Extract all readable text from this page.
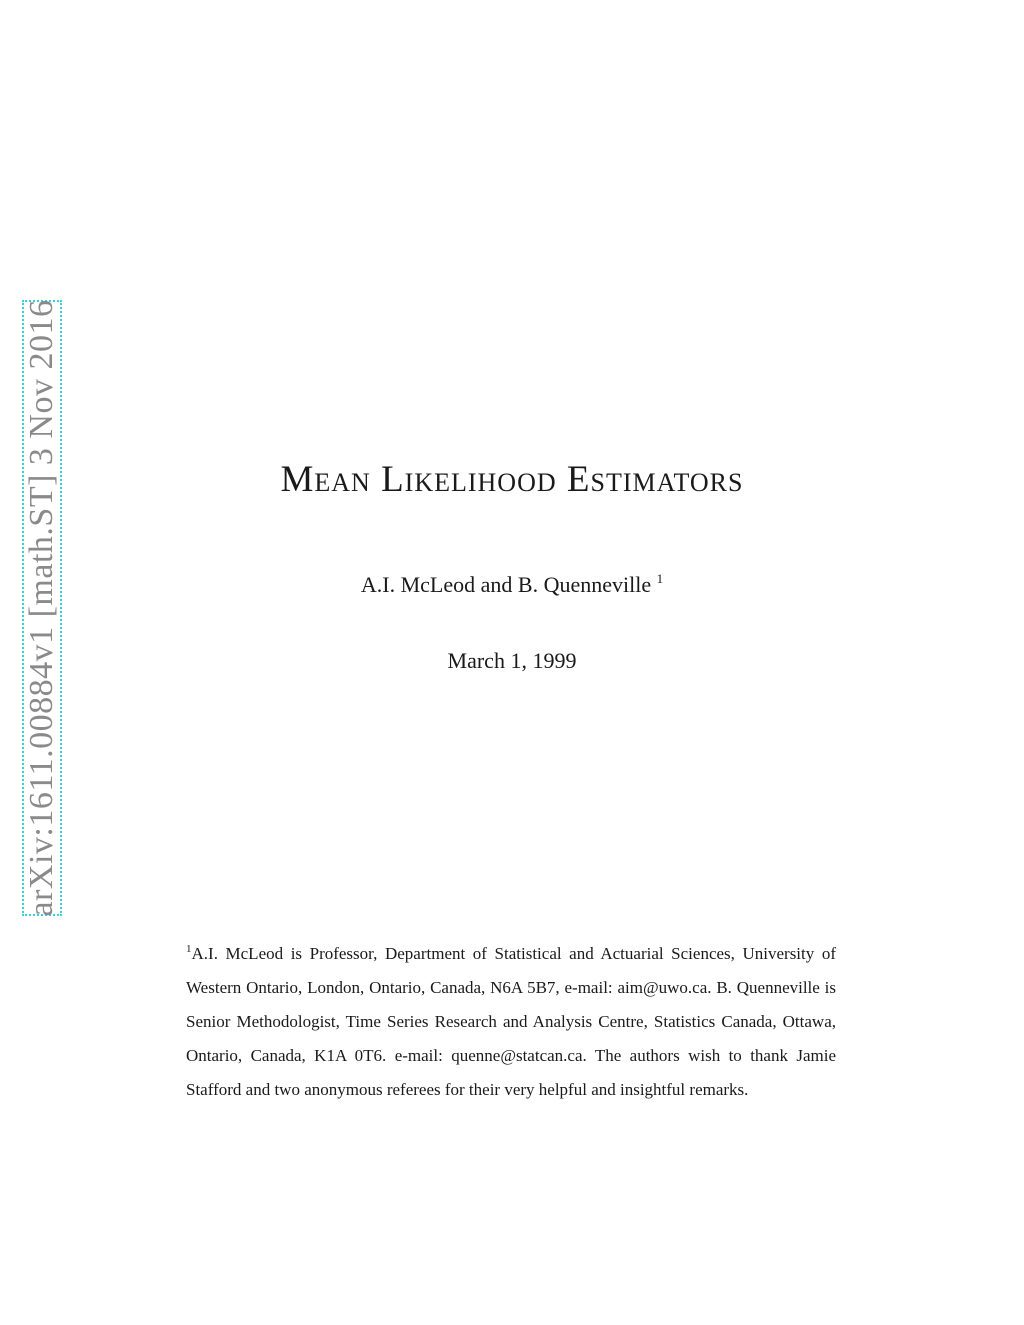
arXiv:1611.00884v1 [math.ST] 3 Nov 2016	Mean Likelihood Estimators
A.I. McLeod and B. Quenneville $^1$
March 1, 1999
$^1$A.I. McLeod is Professor, Department of Statistical and Actuarial Sciences, University of Western Ontario, London, Ontario, Canada, N6A 5B7, e-mail: aim@uwo.ca. B. Quenneville is Senior Methodologist, Time Series Research and Analysis Centre, Statistics Canada, Ottawa, Ontario, Canada, K1A 0T6. e-mail: quenne@statcan.ca. The authors wish to thank Jamie Stafford and two anonymous referees for their very helpful and insightful remarks.
